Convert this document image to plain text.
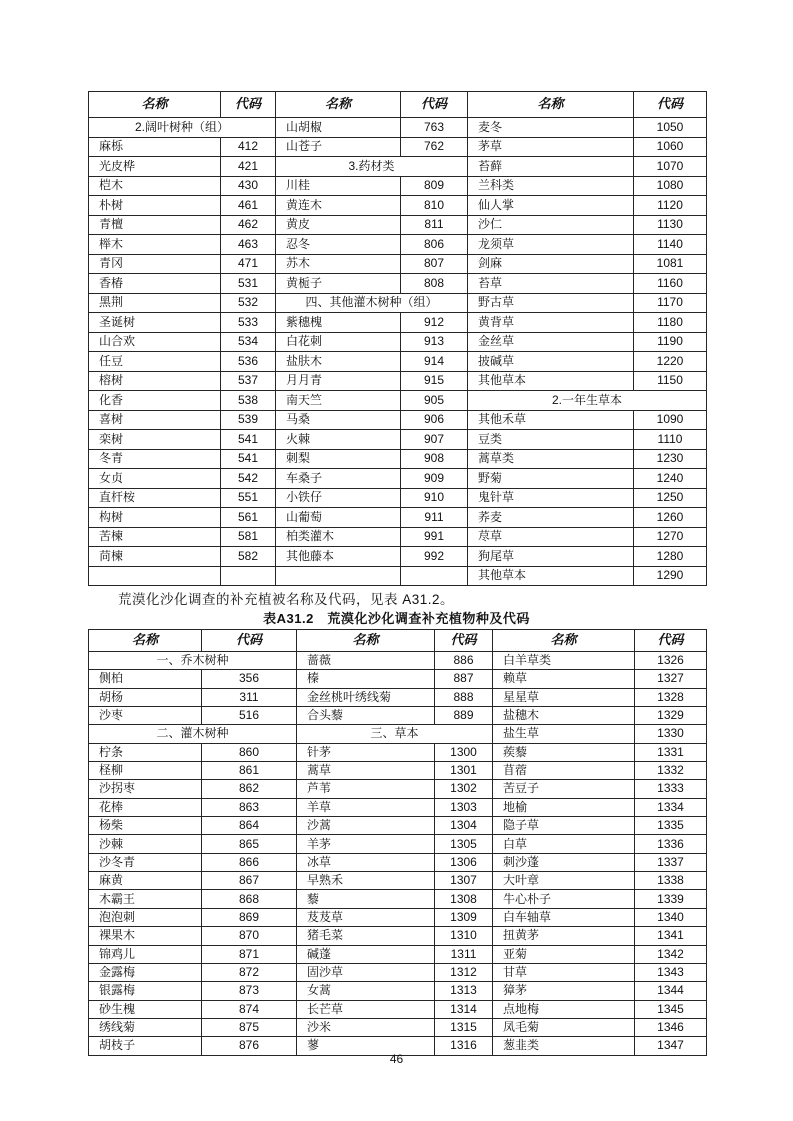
名称	代码	名称	代码	名称	代码
2.阔叶树种（组）		山胡椒	763	麦冬	1050
麻栎	412	山苍子	762	茅草	1060
光皮桦	421	3.药材类		苔藓	1070
桤木	430	川桂	809	兰科类	1080
朴树	461	黄连木	810	仙人掌	1120
青檀	462	黄皮	811	沙仁	1130
榉木	463	忍冬	806	龙须草	1140
青冈	471	苏木	807	剑麻	1081
香椿	531	黄栀子	808	苔草	1160
黑荆	532	四、其他灌木树种（组）		野古草	1170
圣诞树	533	紫穗槐	912	黄背草	1180
山合欢	534	白花刺	913	金丝草	1190
任豆	536	盐肤木	914	披碱草	1220
榕树	537	月月青	915	其他草本	1150
化香	538	南天竺	905	2.一年生草本	
喜树	539	马桑	906	其他禾草	1090
栾树	541	火棘	907	豆类	1110
冬青	541	刺梨	908	蒿草类	1230
女贞	542	车桑子	909	野菊	1240
直杆桉	551	小铁仔	910	鬼针草	1250
构树	561	山葡萄	911	荞麦	1260
苦楝	581	柏类灌木	991	荩草	1270
苘楝	582	其他藤本	992	狗尾草	1280
				其他草本	1290
荒漠化沙化调查的补充植被名称及代码，见表 A31.2。
表A31.2　荒漠化沙化调查补充植物种及代码
名称	代码	名称	代码	名称	代码
一、乔木树种		蔷薇	886	白羊草类	1326
侧柏	356	榛	887	赖草	1327
胡杨	311	金丝桃叶绣线菊	888	星星草	1328
沙枣	516	合头藜	889	盐穗木	1329
二、灌木树种		三、草本		盐生草	1330
柠条	860	针茅	1300	蒺藜	1331
柽柳	861	蒿草	1301	苜蓿	1332
沙拐枣	862	芦苇	1302	苦豆子	1333
花棒	863	羊草	1303	地榆	1334
杨柴	864	沙蒿	1304	隐子草	1335
沙棘	865	羊茅	1305	白草	1336
沙冬青	866	冰草	1306	刺沙蓬	1337
麻黄	867	早熟禾	1307	大叶章	1338
木霸王	868	藜	1308	牛心朴子	1339
泡泡刺	869	芨芨草	1309	白车轴草	1340
裸果木	870	猪毛菜	1310	扭黄茅	1341
锦鸡儿	871	碱蓬	1311	亚菊	1342
金露梅	872	固沙草	1312	甘草	1343
银露梅	873	女蒿	1313	獐茅	1344
砂生槐	874	长芒草	1314	点地梅	1345
绣线菊	875	沙米	1315	凤毛菊	1346
胡枝子	876	蓼	1316	葱韭类	1347
46
